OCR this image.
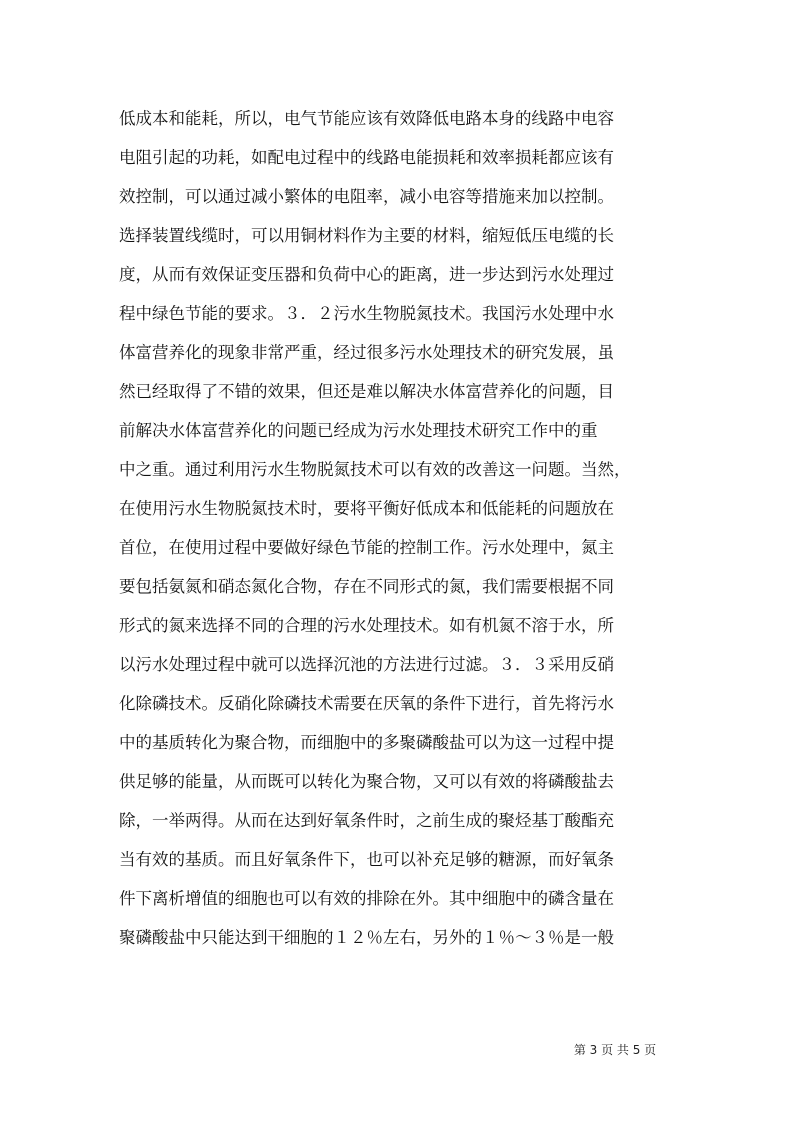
低成本和能耗，所以，电气节能应该有效降低电路本身的线路中电容
电阻引起的功耗，如配电过程中的线路电能损耗和效率损耗都应该有
效控制，可以通过减小繁体的电阻率，减小电容等措施来加以控制。
选择装置线缆时，可以用铜材料作为主要的材料，缩短低压电缆的长
度，从而有效保证变压器和负荷中心的距离，进一步达到污水处理过
程中绿色节能的要求。３．２污水生物脱氮技术。我国污水处理中水
体富营养化的现象非常严重，经过很多污水处理技术的研究发展，虽
然已经取得了不错的效果，但还是难以解决水体富营养化的问题，目
前解决水体富营养化的问题已经成为污水处理技术研究工作中的重
中之重。通过利用污水生物脱氮技术可以有效的改善这一问题。当然，
在使用污水生物脱氮技术时，要将平衡好低成本和低能耗的问题放在
首位，在使用过程中要做好绿色节能的控制工作。污水处理中，氮主
要包括氨氮和硝态氮化合物，存在不同形式的氮，我们需要根据不同
形式的氮来选择不同的合理的污水处理技术。如有机氮不溶于水，所
以污水处理过程中就可以选择沉池的方法进行过滤。３．３采用反硝
化除磷技术。反硝化除磷技术需要在厌氧的条件下进行，首先将污水
中的基质转化为聚合物，而细胞中的多聚磷酸盐可以为这一过程中提
供足够的能量，从而既可以转化为聚合物，又可以有效的将磷酸盐去
除，一举两得。从而在达到好氧条件时，之前生成的聚烃基丁酸酯充
当有效的基质。而且好氧条件下，也可以补充足够的糖源，而好氧条
件下离析增值的细胞也可以有效的排除在外。其中细胞中的磷含量在
聚磷酸盐中只能达到干细胞的１２％左右，另外的１％～３％是一般
第 3 页 共 5 页
